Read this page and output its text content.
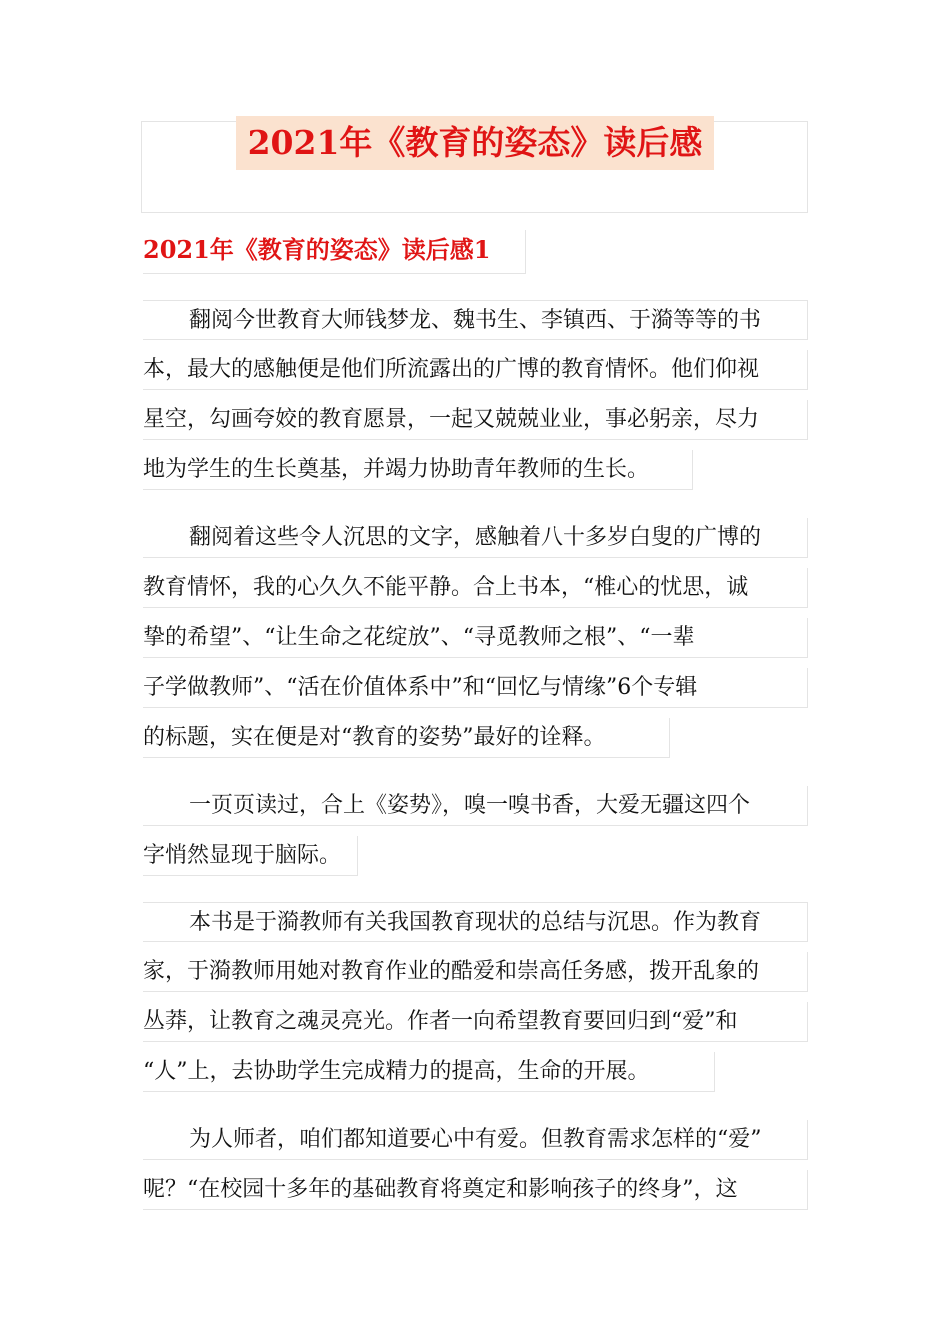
2021年《教育的姿态》读后感
2021年《教育的姿态》读后感1
翻阅今世教育大师钱梦龙、魏书生、李镇西、于漪等等的书
本，最大的感触便是他们所流露出的广博的教育情怀。他们仰视
星空，勾画夸姣的教育愿景，一起又兢兢业业，事必躬亲，尽力
地为学生的生长奠基，并竭力协助青年教师的生长。
翻阅着这些令人沉思的文字，感触着八十多岁白叟的广博的
教育情怀，我的心久久不能平静。合上书本，“椎心的忧思，诚
挚的希望”、“让生命之花绽放”、“寻觅教师之根”、“一辈
子学做教师”、“活在价值体系中”和“回忆与情缘”6个专辑
的标题，实在便是对“教育的姿势”最好的诠释。
一页页读过，合上《姿势》，嗅一嗅书香，大爱无疆这四个
字悄然显现于脑际。
本书是于漪教师有关我国教育现状的总结与沉思。作为教育
家，于漪教师用她对教育作业的酷爱和崇高任务感，拨开乱象的
丛莽，让教育之魂灵亮光。作者一向希望教育要回归到“爱”和
“人”上，去协助学生完成精力的提高，生命的开展。
为人师者，咱们都知道要心中有爱。但教育需求怎样的“爱”
呢？“在校园十多年的基础教育将奠定和影响孩子的终身”，这
